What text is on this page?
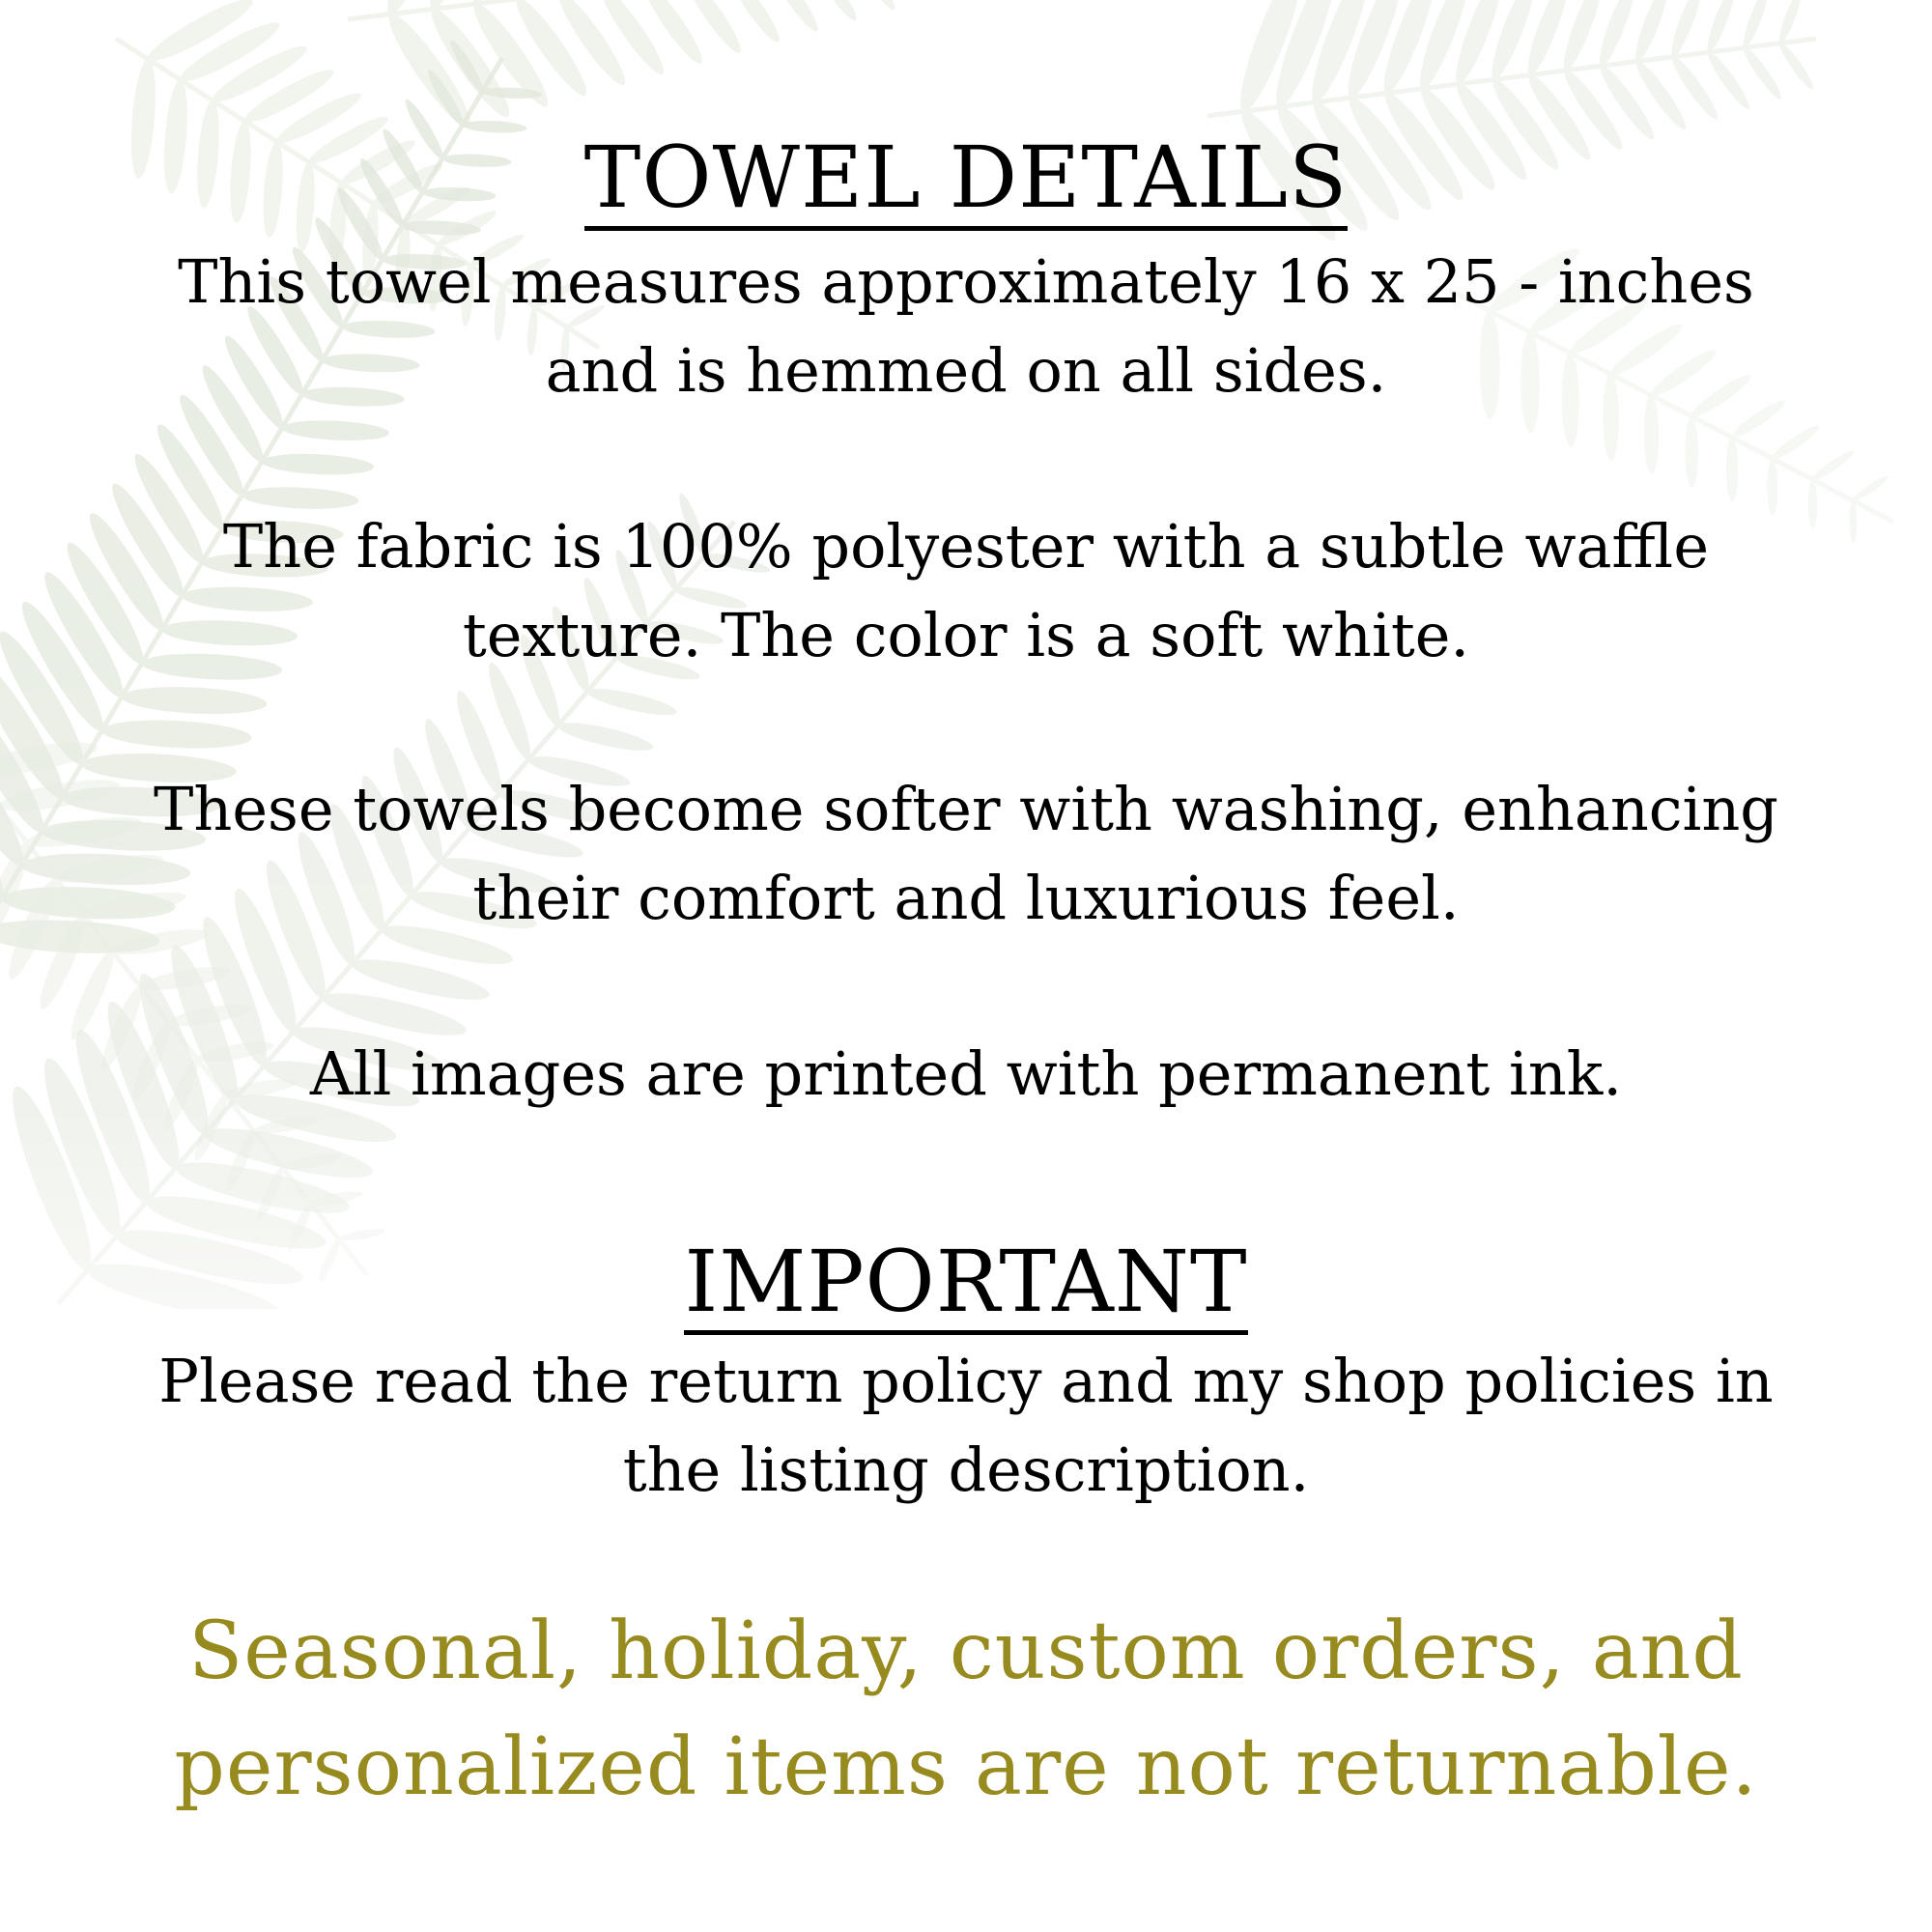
TOWEL DETAILS

This towel measures approximately 16 x 25 - inches and is hemmed on all sides.

The fabric is 100% polyester with a subtle waffle texture. The color is a soft white.

These towels become softer with washing, enhancing their comfort and luxurious feel.

All images are printed with permanent ink.

IMPORTANT

Please read the return policy and my shop policies in the listing description.

Seasonal, holiday, custom orders, and personalized items are not returnable.
